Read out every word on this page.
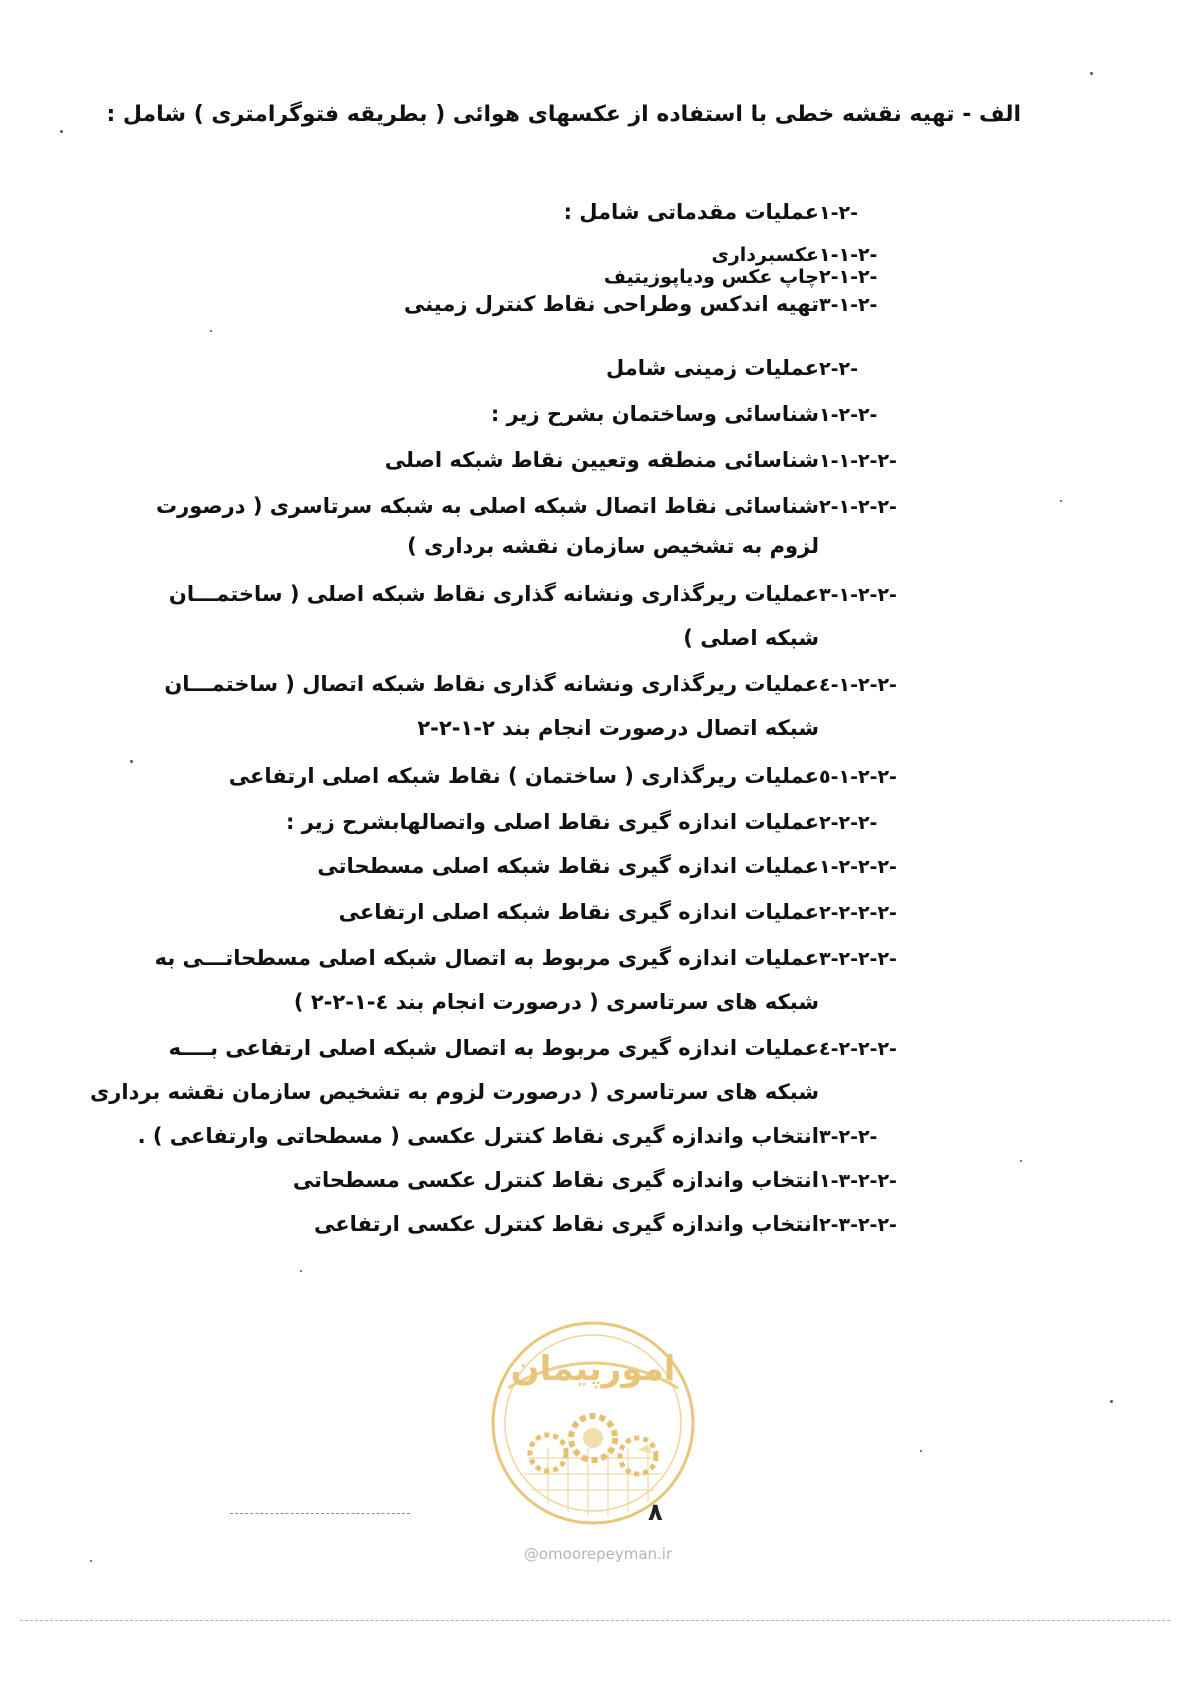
الف - تهیه نقشه خطی با استفاده از عکسهای هوائی ( بطریقه فتوگرامتری ) شامل :
۱-۲-
عملیات مقدماتی شامل :
۱-۱-۲-
عکسبرداری
۲-۱-۲-
چاپ عکس ودیاپوزیتیف
۳-۱-۲-
تهیه اندکس وطراحی نقاط کنترل زمینی
۲-۲-
عملیات زمینی شامل
۱-۲-۲-
شناسائی وساختمان بشرح زیر :
۱-۱-۲-۲-
شناسائی منطقه وتعیین نقاط شبکه اصلی
۲-۱-۲-۲-
شناسائی نقاط اتصال شبکه اصلی به شبکه سرتاسری ( درصورت
لزوم به تشخیص سازمان نقشه برداری )
۳-۱-۲-۲-
عملیات ریرگذاری ونشانه گذاری نقاط شبکه اصلی ( ساختمـــان
شبکه اصلی )
٤-۱-۲-۲-
عملیات ریرگذاری ونشانه گذاری نقاط شبکه اتصال ( ساختمـــان
شبکه اتصال درصورت انجام بند ۲-۱-۲-۲
٥-۱-۲-۲-
عملیات ریرگذاری ( ساختمان ) نقاط شبکه اصلی ارتفاعی
۲-۲-۲-
عملیات اندازه گیری نقاط اصلی واتصالهابشرح زیر :
۱-۲-۲-۲-
عملیات اندازه گیری نقاط شبکه اصلی مسطحاتی
۲-۲-۲-۲-
عملیات اندازه گیری نقاط شبکه اصلی ارتفاعی
۳-۲-۲-۲-
عملیات اندازه گیری مربوط به اتصال شبکه اصلی مسطحاتـــی به
شبکه های سرتاسری ( درصورت انجام بند ٤-۱-۲-۲ )
٤-۲-۲-۲-
عملیات اندازه گیری مربوط به اتصال شبکه اصلی ارتفاعی بــــه
شبکه های سرتاسری ( درصورت لزوم به تشخیص سازمان نقشه برداری
۳-۲-۲-
انتخاب واندازه گیری نقاط کنترل عکسی ( مسطحاتی وارتفاعی ) .
۱-۳-۲-۲-
انتخاب واندازه گیری نقاط کنترل عکسی مسطحاتی
۲-۳-۲-۲-
انتخاب واندازه گیری نقاط کنترل عکسی ارتفاعی
امورپیمان
۸
@omoorepeyman.ir
